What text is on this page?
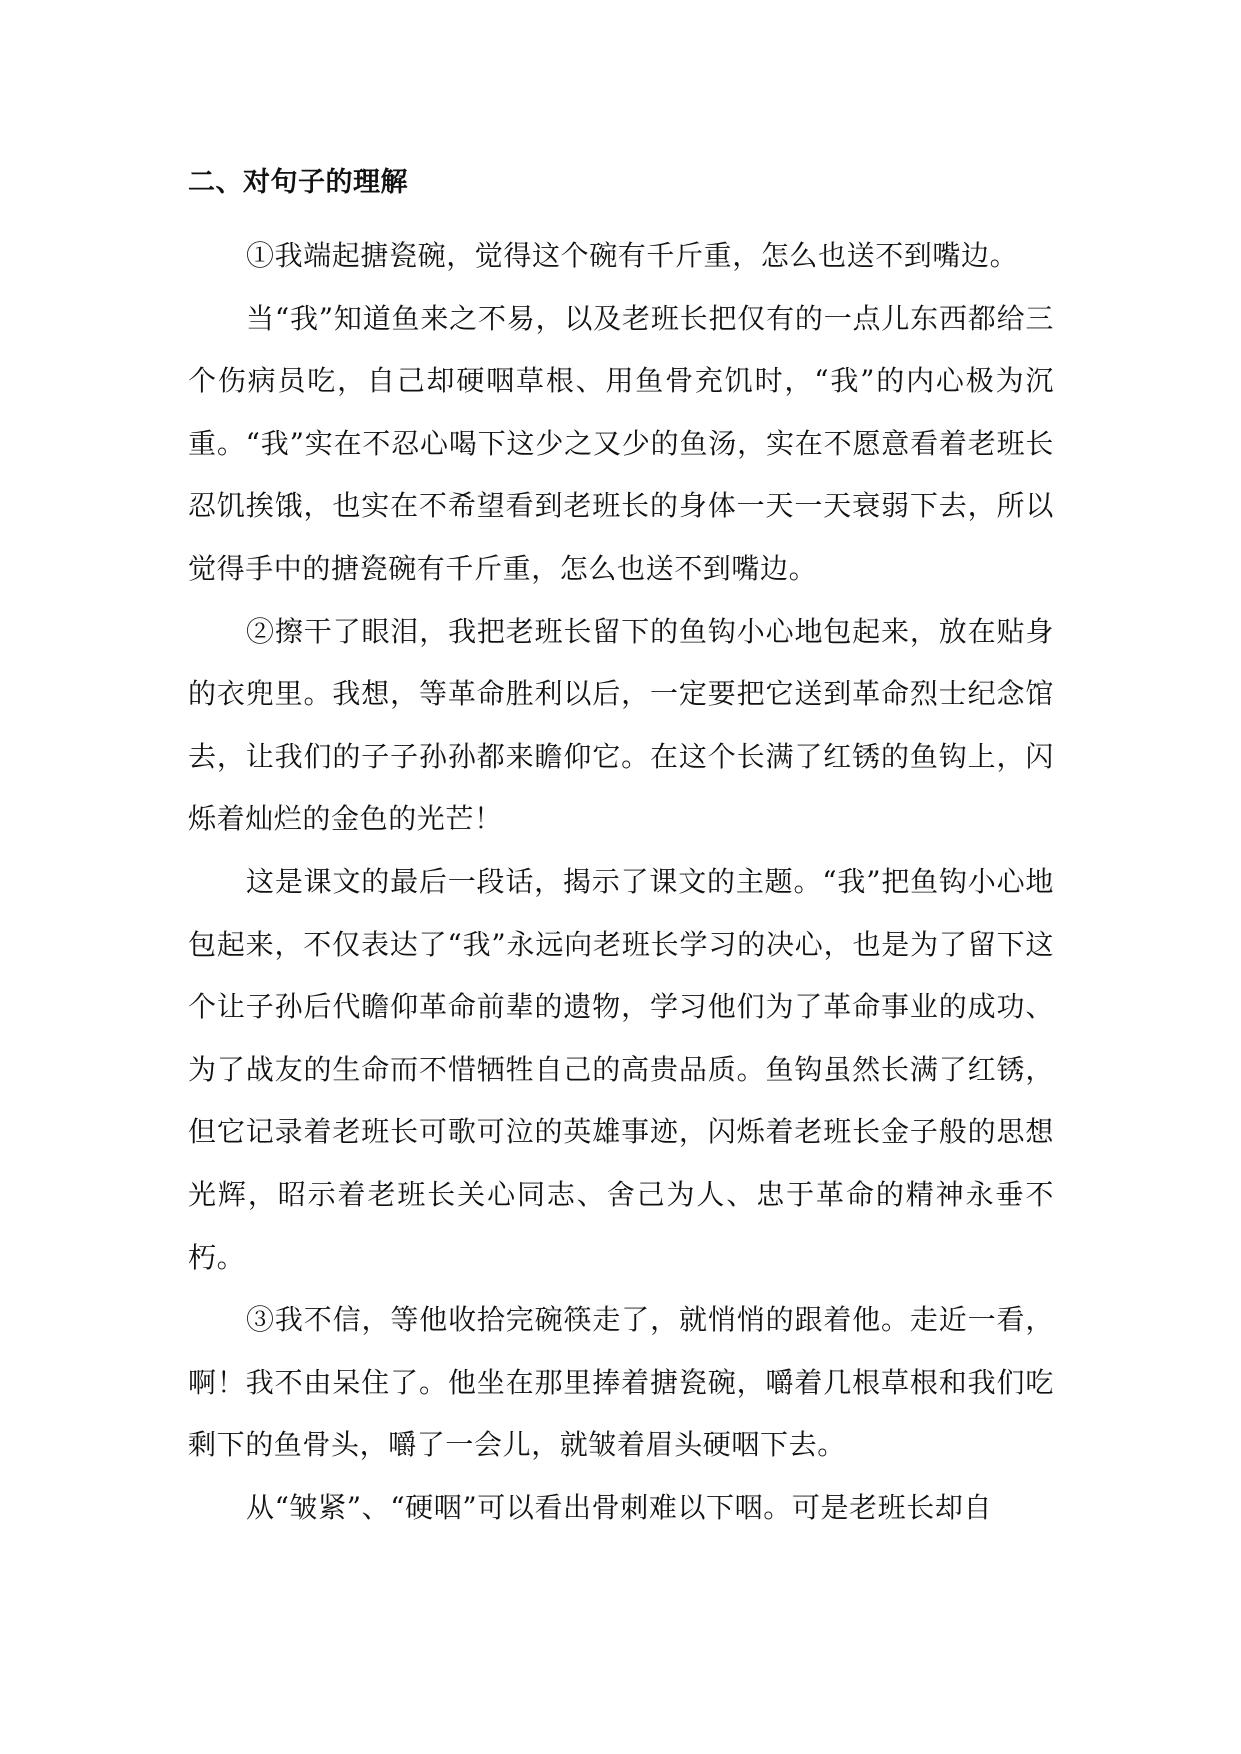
二、对句子的理解

①我端起搪瓷碗，觉得这个碗有千斤重，怎么也送不到嘴边。

当“我”知道鱼来之不易，以及老班长把仅有的一点儿东西都给三个伤病员吃，自己却硬咽草根、用鱼骨充饥时，“我”的内心极为沉重。“我”实在不忍心喝下这少之又少的鱼汤，实在不愿意看着老班长忍饥挨饿，也实在不希望看到老班长的身体一天一天衰弱下去，所以觉得手中的搪瓷碗有千斤重，怎么也送不到嘴边。

②擦干了眼泪，我把老班长留下的鱼钩小心地包起来，放在贴身的衣兜里。我想，等革命胜利以后，一定要把它送到革命烈士纪念馆去，让我们的子子孙孙都来瞻仰它。在这个长满了红锈的鱼钩上，闪烁着灿烂的金色的光芒！

这是课文的最后一段话，揭示了课文的主题。“我”把鱼钩小心地包起来，不仅表达了“我”永远向老班长学习的决心，也是为了留下这个让子孙后代瞻仰革命前辈的遗物，学习他们为了革命事业的成功、为了战友的生命而不惜牺牲自己的高贵品质。鱼钩虽然长满了红锈，但它记录着老班长可歌可泣的英雄事迹，闪烁着老班长金子般的思想光辉，昭示着老班长关心同志、舍己为人、忠于革命的精神永垂不朽。

③我不信，等他收拾完碗筷走了，就悄悄的跟着他。走近一看，啊！我不由呆住了。他坐在那里捧着搪瓷碗，嚼着几根草根和我们吃剩下的鱼骨头，嚼了一会儿，就皱着眉头硬咽下去。

从“皱紧”、“硬咽”可以看出骨刺难以下咽。可是老班长却自
